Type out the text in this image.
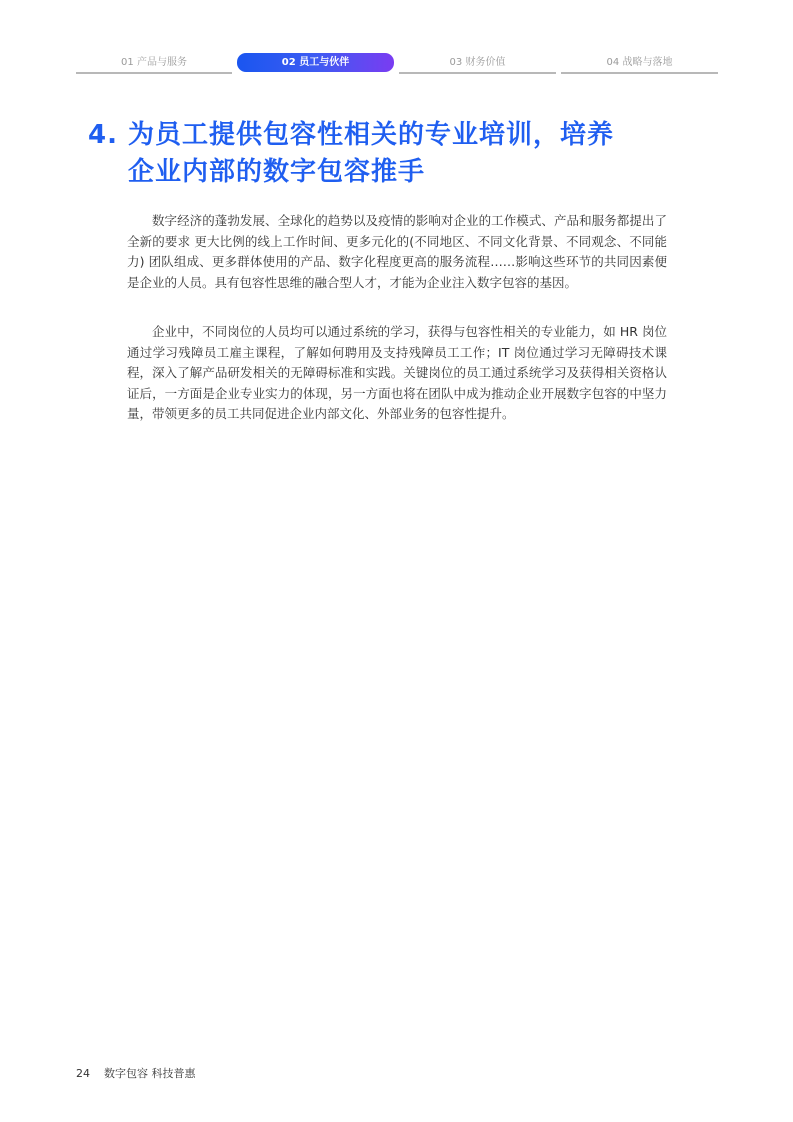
01 产品与服务	02 员工与伙伴	03 财务价值	04 战略与落地
4. 为员工提供包容性相关的专业培训，培养
企业内部的数字包容推手

数字经济的蓬勃发展、全球化的趋势以及疫情的影响对企业的工作模式、产品和服务都提出了全新的要求 更大比例的线上工作时间、更多元化的(不同地区、不同文化背景、不同观念、不同能力) 团队组成、更多群体使用的产品、数字化程度更高的服务流程……影响这些环节的共同因素便是企业的人员。具有包容性思维的融合型人才，才能为企业注入数字包容的基因。

企业中，不同岗位的人员均可以通过系统的学习，获得与包容性相关的专业能力，如 HR 岗位通过学习残障员工雇主课程，了解如何聘用及支持残障员工工作；IT 岗位通过学习无障碍技术课程，深入了解产品研发相关的无障碍标准和实践。关键岗位的员工通过系统学习及获得相关资格认证后，一方面是企业专业实力的体现，另一方面也将在团队中成为推动企业开展数字包容的中坚力量，带领更多的员工共同促进企业内部文化、外部业务的包容性提升。

24 数字包容 科技普惠
